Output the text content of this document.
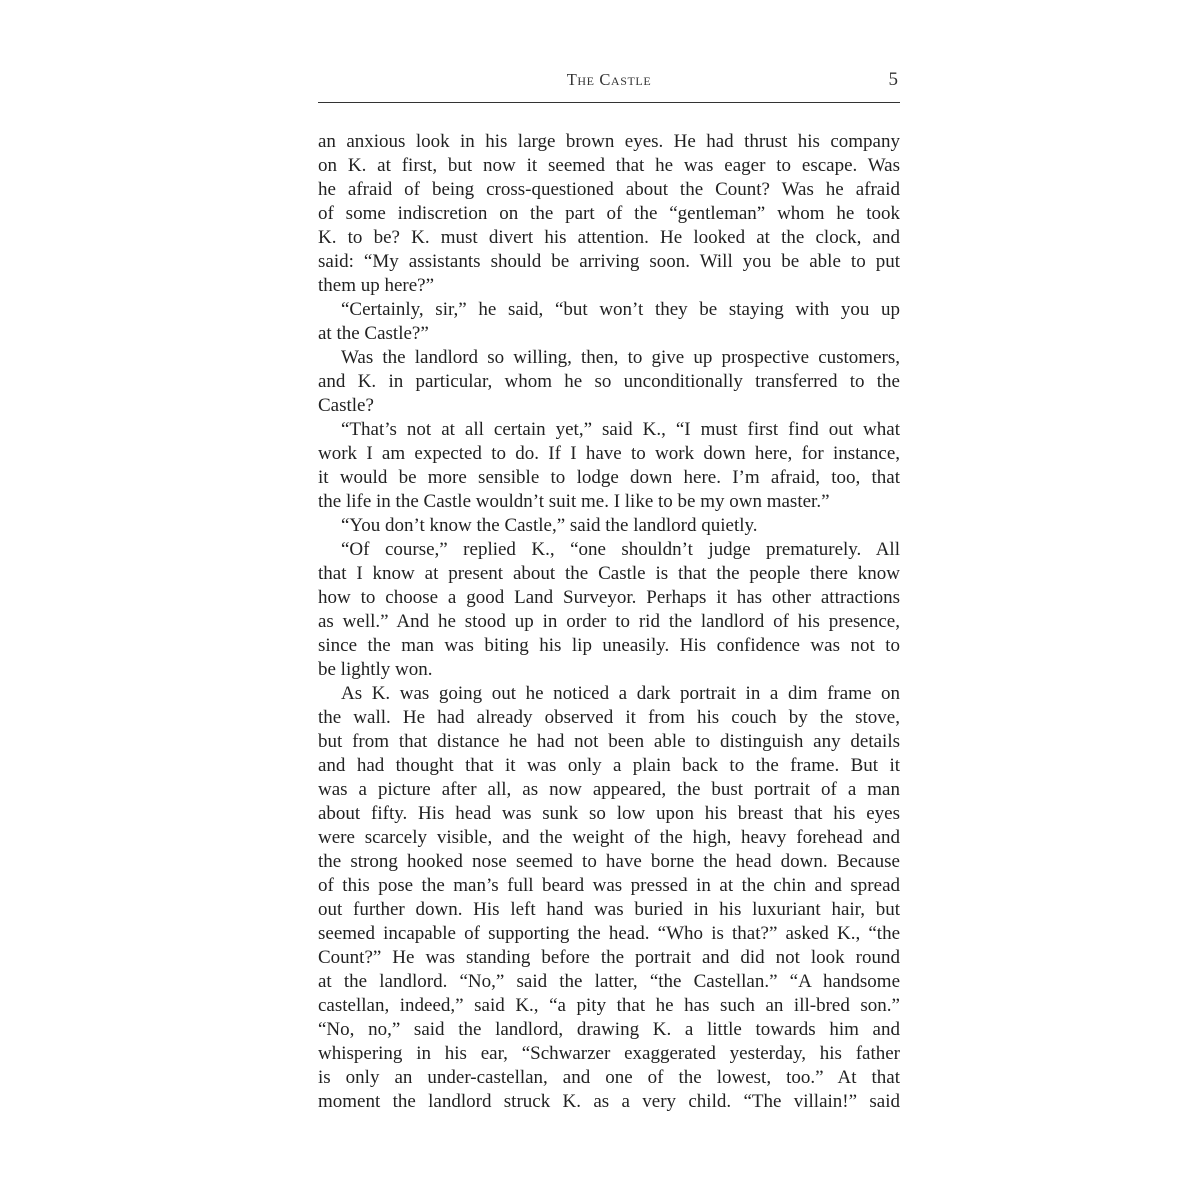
The Castle	5
an anxious look in his large brown eyes. He had thrust his company
on K. at first, but now it seemed that he was eager to escape. Was
he afraid of being cross-questioned about the Count? Was he afraid
of some indiscretion on the part of the “gentleman” whom he took
K. to be? K. must divert his attention. He looked at the clock, and
said: “My assistants should be arriving soon. Will you be able to put
them up here?”
“Certainly, sir,” he said, “but won’t they be staying with you up
at the Castle?”
Was the landlord so willing, then, to give up prospective customers,
and K. in particular, whom he so unconditionally transferred to the
Castle?
“That’s not at all certain yet,” said K., “I must first find out what
work I am expected to do. If I have to work down here, for instance,
it would be more sensible to lodge down here. I’m afraid, too, that
the life in the Castle wouldn’t suit me. I like to be my own master.”
“You don’t know the Castle,” said the landlord quietly.
“Of course,” replied K., “one shouldn’t judge prematurely. All
that I know at present about the Castle is that the people there know
how to choose a good Land Surveyor. Perhaps it has other attractions
as well.” And he stood up in order to rid the landlord of his presence,
since the man was biting his lip uneasily. His confidence was not to
be lightly won.
As K. was going out he noticed a dark portrait in a dim frame on
the wall. He had already observed it from his couch by the stove,
but from that distance he had not been able to distinguish any details
and had thought that it was only a plain back to the frame. But it
was a picture after all, as now appeared, the bust portrait of a man
about fifty. His head was sunk so low upon his breast that his eyes
were scarcely visible, and the weight of the high, heavy forehead and
the strong hooked nose seemed to have borne the head down. Because
of this pose the man’s full beard was pressed in at the chin and spread
out further down. His left hand was buried in his luxuriant hair, but
seemed incapable of supporting the head. “Who is that?” asked K., “the
Count?” He was standing before the portrait and did not look round
at the landlord. “No,” said the latter, “the Castellan.” “A handsome
castellan, indeed,” said K., “a pity that he has such an ill-bred son.”
“No, no,” said the landlord, drawing K. a little towards him and
whispering in his ear, “Schwarzer exaggerated yesterday, his father
is only an under-castellan, and one of the lowest, too.” At that
moment the landlord struck K. as a very child. “The villain!” said
